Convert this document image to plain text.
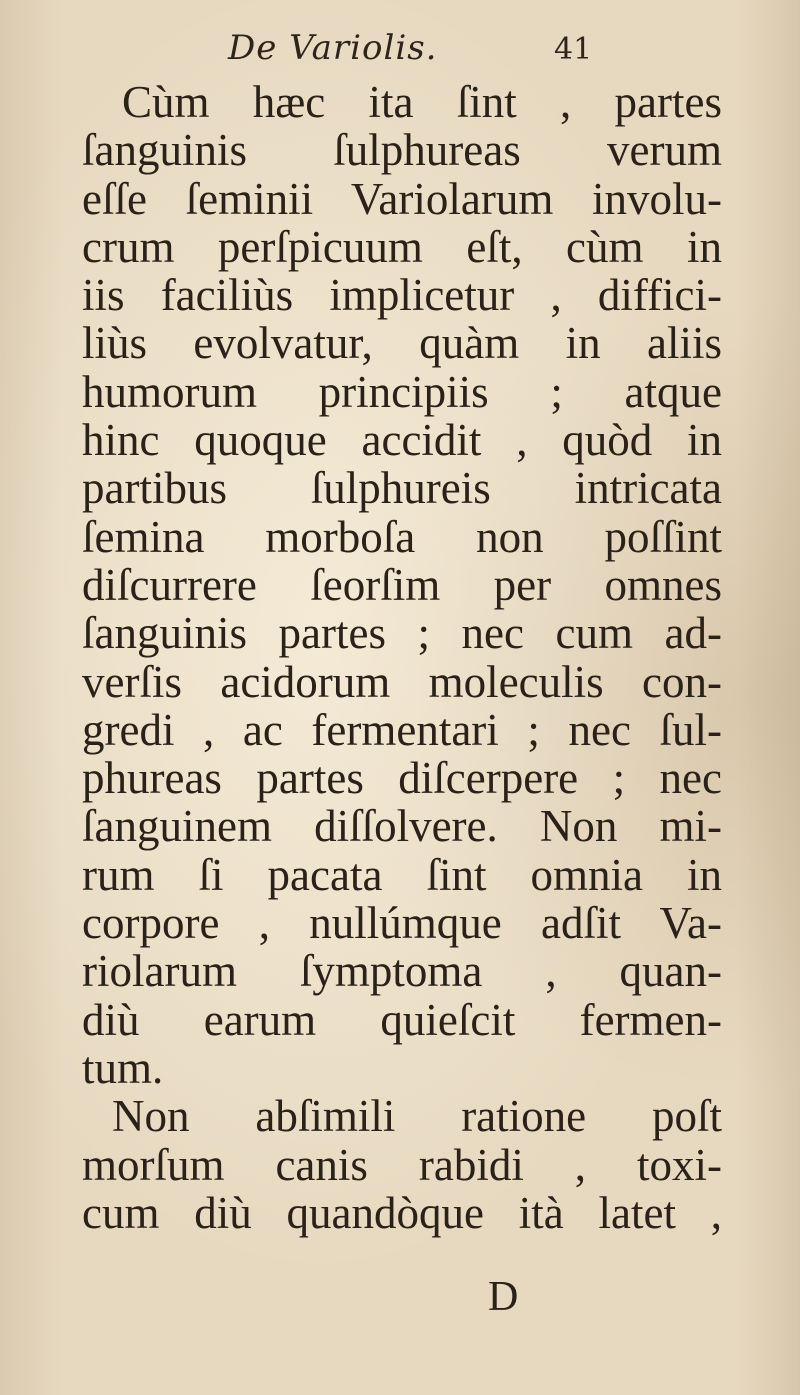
De Variolis.	41
Cùm hæc ita ſint , partes
ſanguinis ſulphureas verum
eſſe ſeminii Variolarum involu-
crum perſpicuum eſt, cùm in
iis faciliùs implicetur , diffici-
liùs evolvatur, quàm in aliis
humorum principiis ; atque
hinc quoque accidit , quòd in
partibus ſulphureis intricata
ſemina morboſa non poſſint
diſcurrere ſeorſim per omnes
ſanguinis partes ; nec cum ad-
verſis acidorum moleculis con-
gredi , ac fermentari ; nec ſul-
phureas partes diſcerpere ; nec
ſanguinem diſſolvere. Non mi-
rum ſi pacata ſint omnia in
corpore , nullúmque adſit Va-
riolarum ſymptoma , quan-
diù earum quieſcit fermen-
tum.
Non abſimili ratione poſt
morſum canis rabidi , toxi-
cum diù quandòque ità latet ,
D
